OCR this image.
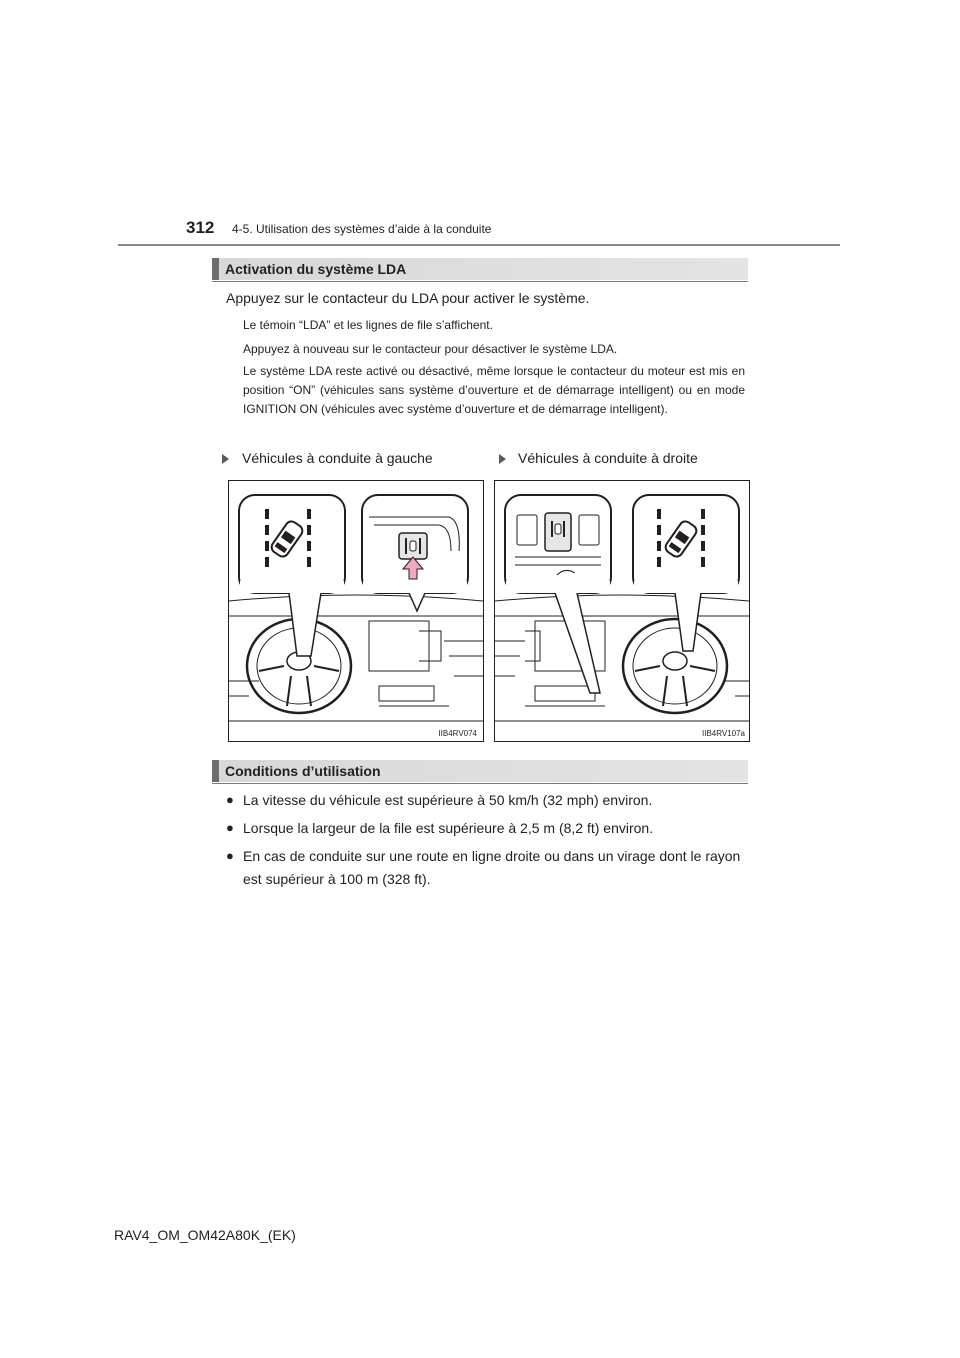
312 4-5. Utilisation des systèmes d’aide à la conduite
Activation du système LDA
Appuyez sur le contacteur du LDA pour activer le système.
Le témoin “LDA” et les lignes de file s’affichent.
Appuyez à nouveau sur le contacteur pour désactiver le système LDA.
Le système LDA reste activé ou désactivé, même lorsque le contacteur du moteur est mis en position “ON” (véhicules sans système d’ouverture et de démarrage intelligent) ou en mode IGNITION ON (véhicules avec système d’ouverture et de démarrage intelligent).
Véhicules à conduite à gauche	Véhicules à conduite à droite
IIB4RV074	IIB4RV107a
Conditions d’utilisation
● La vitesse du véhicule est supérieure à 50 km/h (32 mph) environ.
● Lorsque la largeur de la file est supérieure à 2,5 m (8,2 ft) environ.
● En cas de conduite sur une route en ligne droite ou dans un virage dont le rayon est supérieur à 100 m (328 ft).
RAV4_OM_OM42A80K_(EK)
